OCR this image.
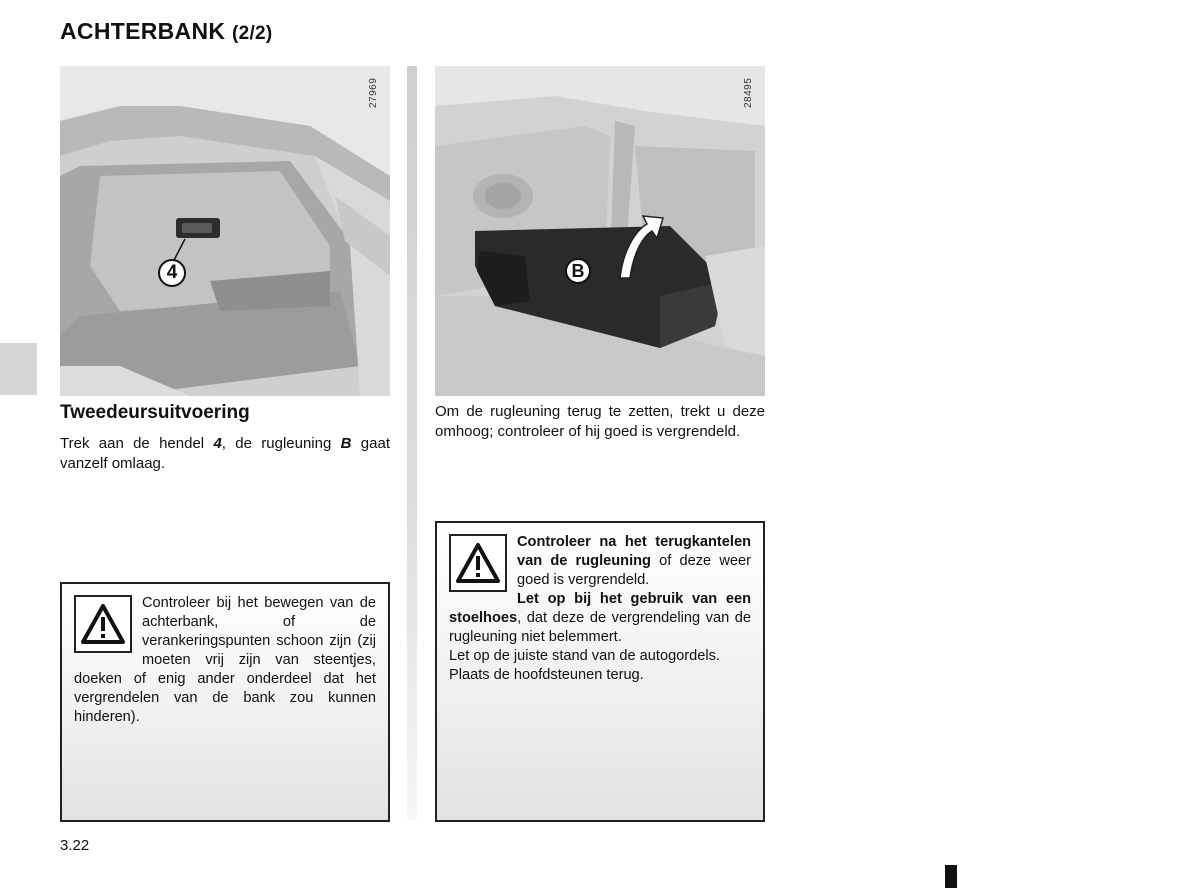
ACHTERBANK (2/2)
4
27969
B
28495
Tweedeursuitvoering
Trek aan de hendel 4, de rugleuning B gaat vanzelf omlaag.

Controleer bij het bewegen van de achterbank, of de verankeringspunten schoon zijn (zij moeten vrij zijn van steentjes, doeken of enig ander onderdeel dat het vergrendelen van de bank zou kunnen hinderen).

Om de rugleuning terug te zetten, trekt u deze omhoog; controleer of hij goed is vergrendeld.

Controleer na het terugkantelen van de rugleuning of deze weer goed is vergrendeld.

Let op bij het gebruik van een stoelhoes, dat deze de vergrendeling van de rugleuning niet belemmert.

Let op de juiste stand van de autogordels.

Plaats de hoofdsteunen terug.

3.22
